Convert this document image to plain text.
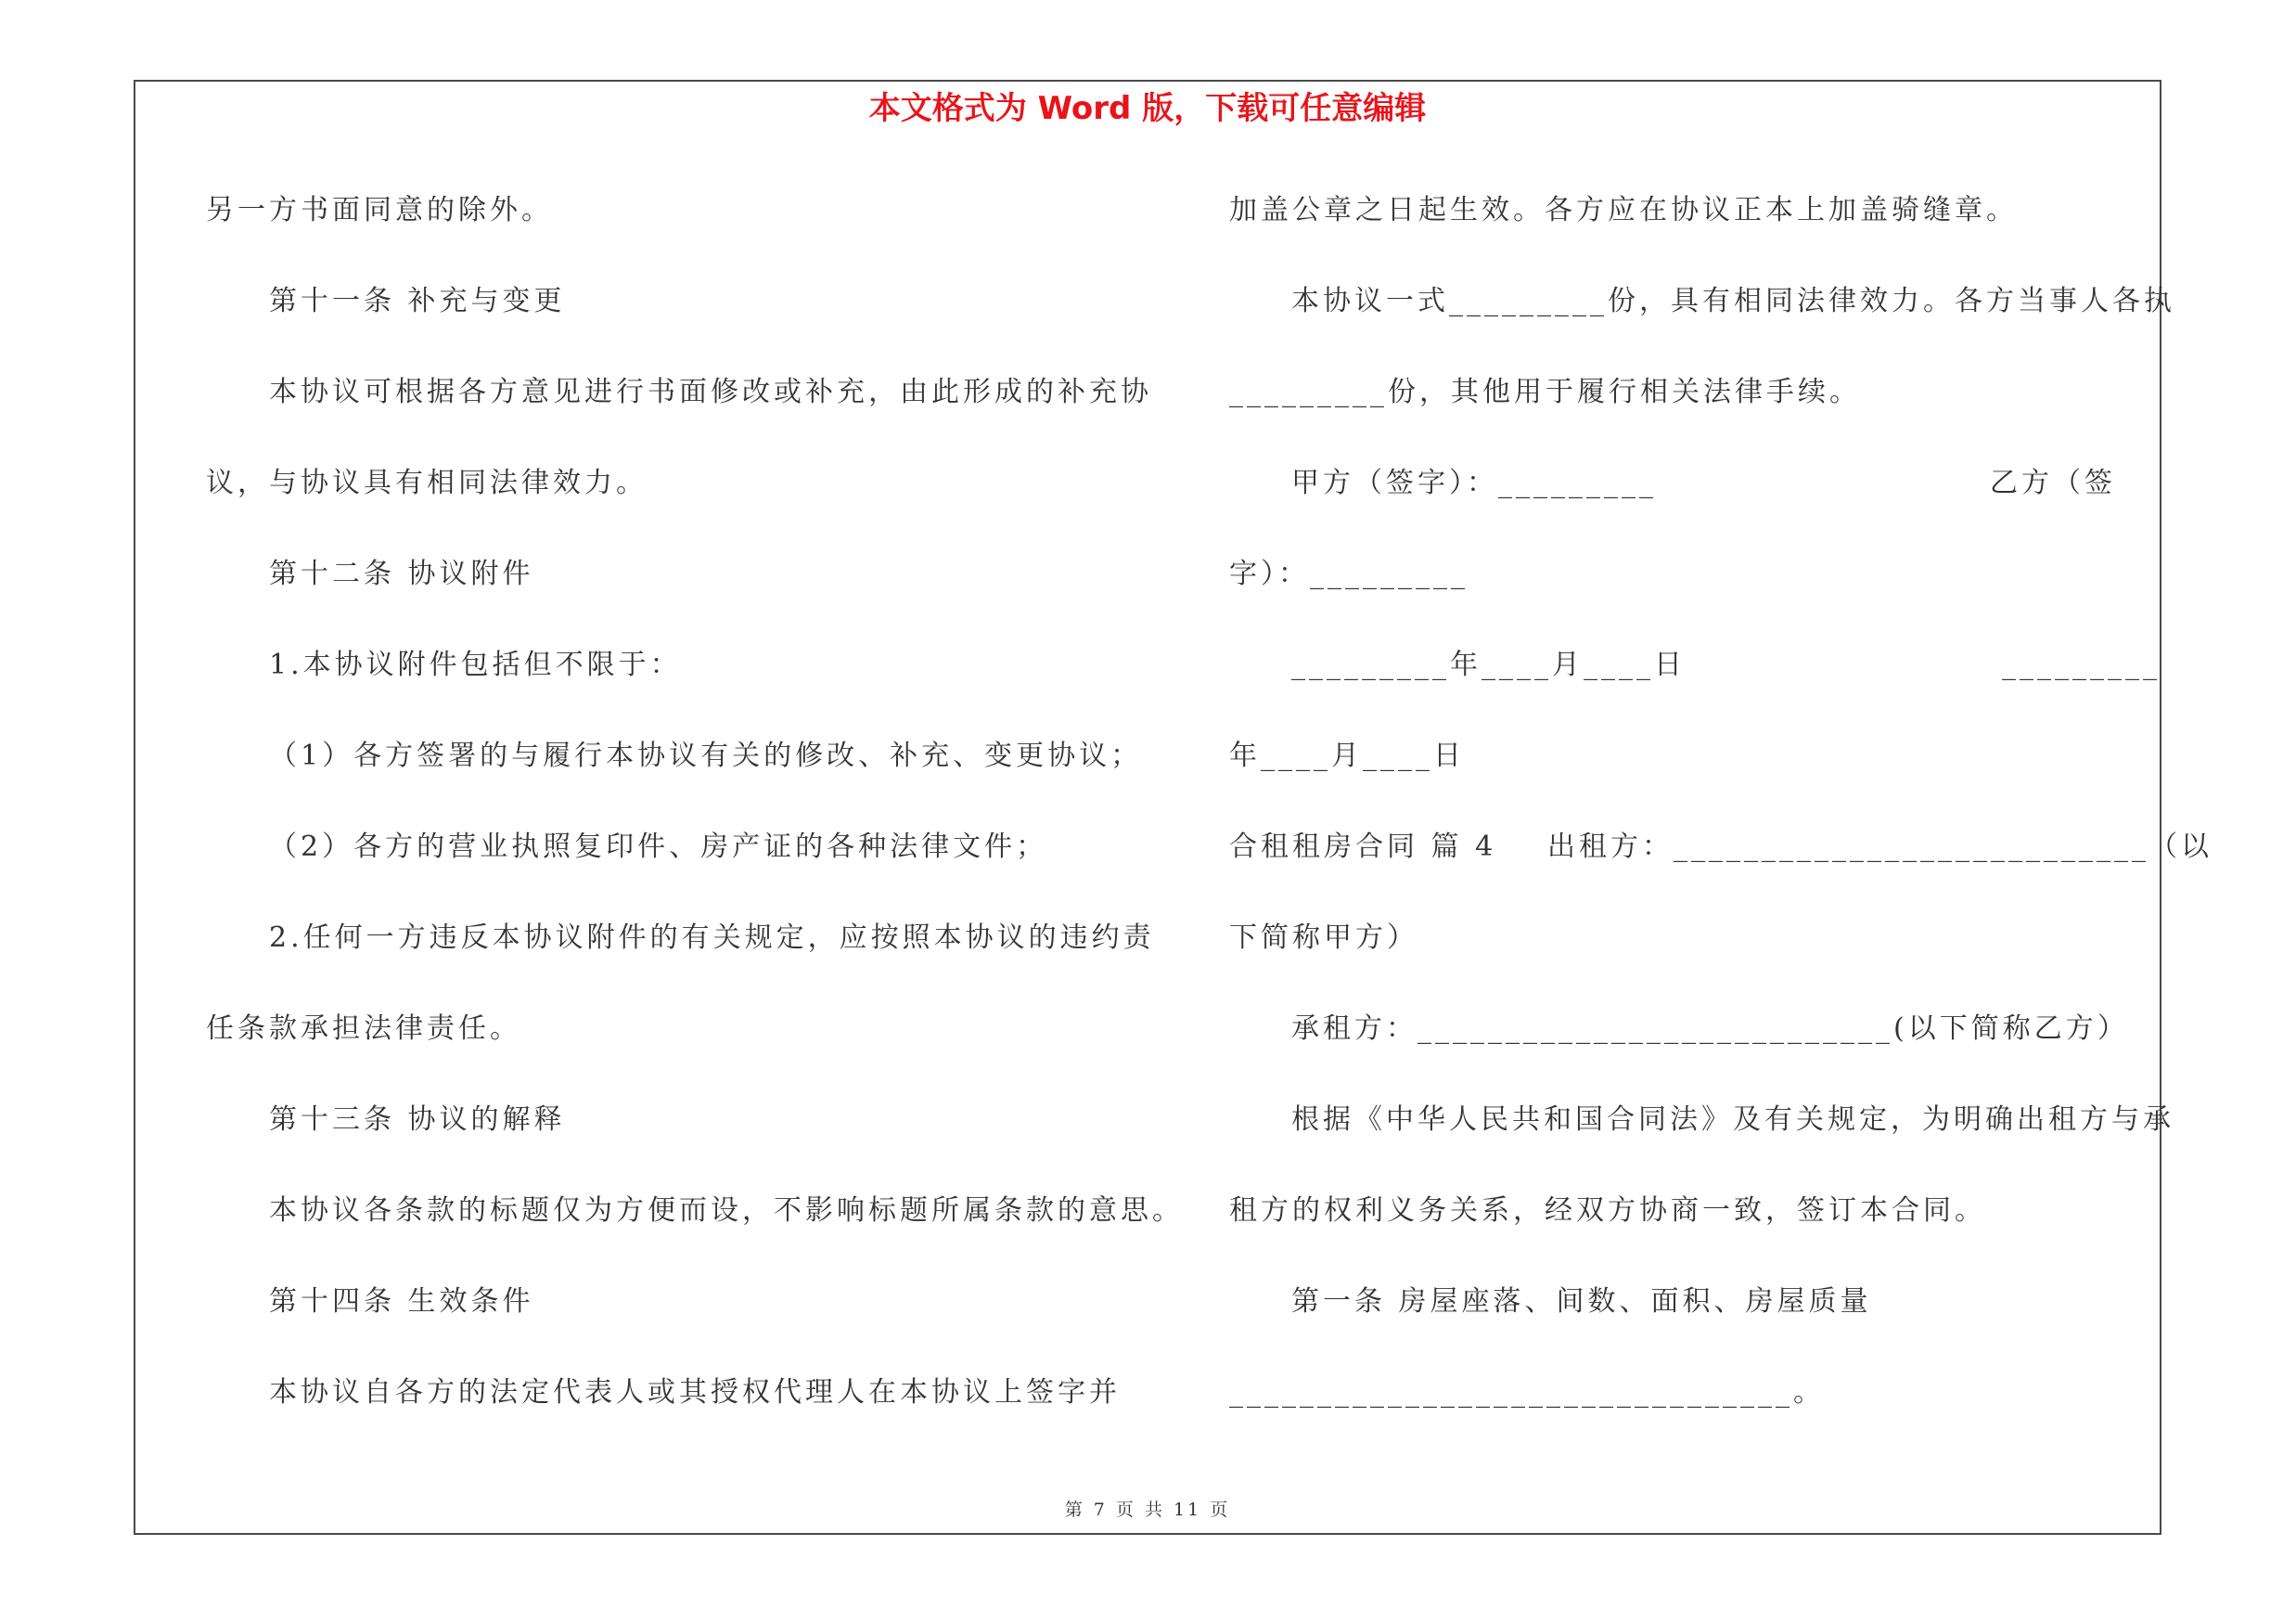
本文格式为 Word 版，下载可任意编辑
另一方书面同意的除外。
第十一条 补充与变更
本协议可根据各方意见进行书面修改或补充，由此形成的补充协
议，与协议具有相同法律效力。
第十二条 协议附件
1.本协议附件包括但不限于：
（1）各方签署的与履行本协议有关的修改、补充、变更协议；
（2）各方的营业执照复印件、房产证的各种法律文件；
2.任何一方违反本协议附件的有关规定，应按照本协议的违约责
任条款承担法律责任。
第十三条 协议的解释
本协议各条款的标题仅为方便而设，不影响标题所属条款的意思。
第十四条 生效条件
本协议自各方的法定代表人或其授权代理人在本协议上签字并
加盖公章之日起生效。各方应在协议正本上加盖骑缝章。
本协议一式_________份，具有相同法律效力。各方当事人各执
_________份，其他用于履行相关法律手续。
甲方（签字）：_________	乙方（签
字）：_________
_________年____月____日	_________
年____月____日
合租租房合同 篇 4 出租方：___________________________（以
下简称甲方）
承租方：___________________________(以下简称乙方）
根据《中华人民共和国合同法》及有关规定，为明确出租方与承
租方的权利义务关系，经双方协商一致，签订本合同。
第一条 房屋座落、间数、面积、房屋质量
________________________________。
第 7 页 共 11 页
